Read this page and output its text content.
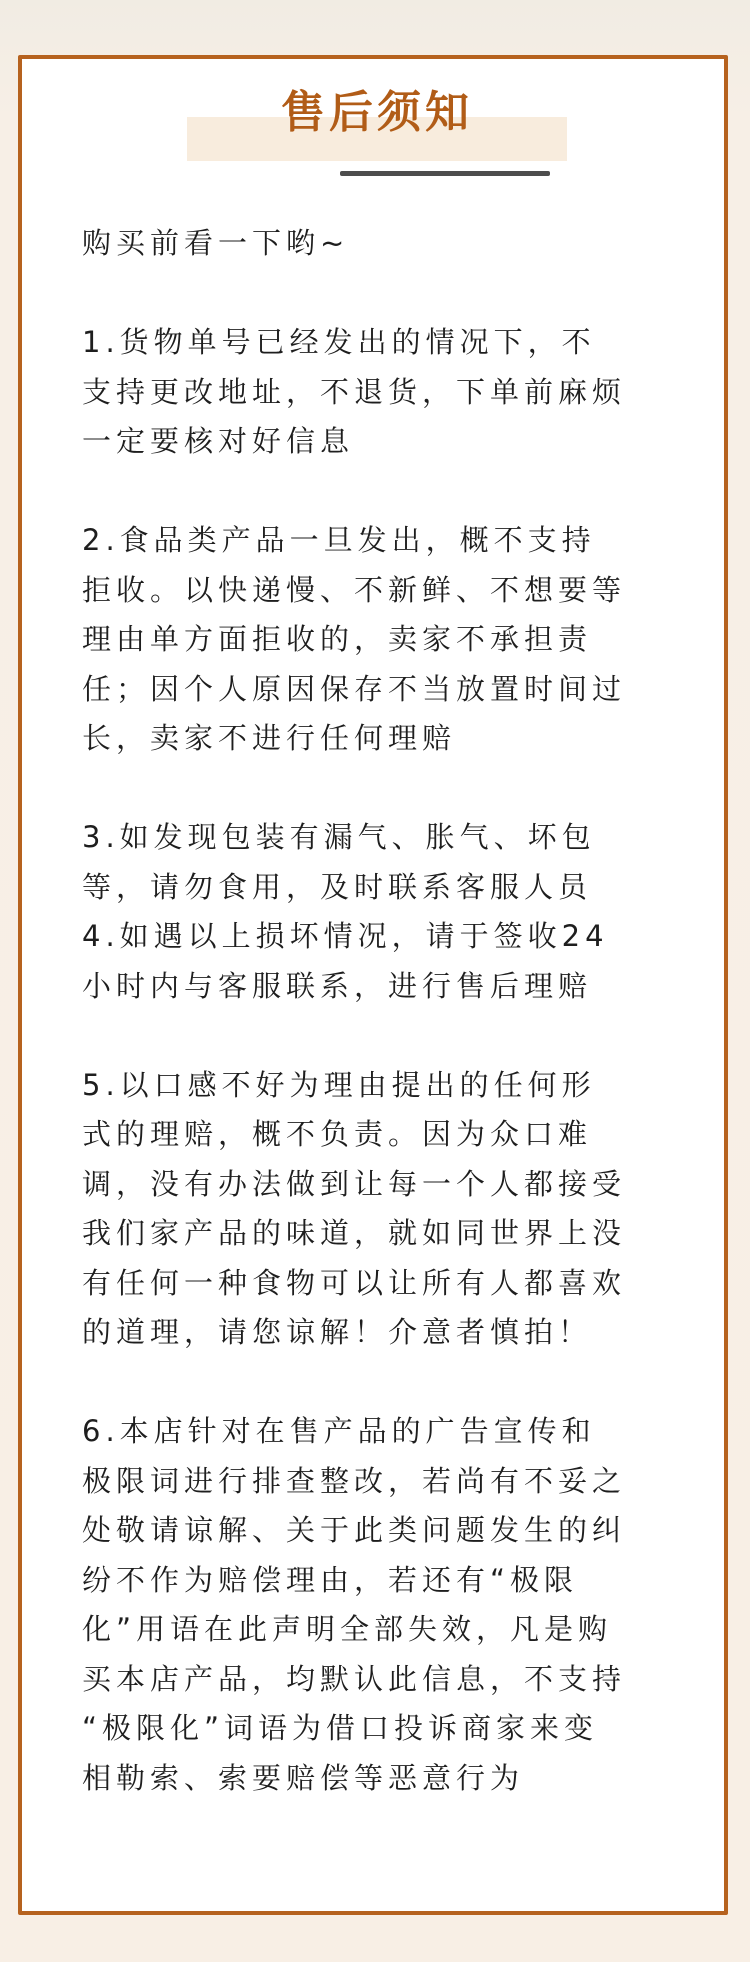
售后须知
购买前看一下哟~
1.货物单号已经发出的情况下，不
支持更改地址，不退货，下单前麻烦
一定要核对好信息
2.食品类产品一旦发出，概不支持
拒收。以快递慢、不新鲜、不想要等
理由单方面拒收的，卖家不承担责
任；因个人原因保存不当放置时间过
长，卖家不进行任何理赔
3.如发现包装有漏气、胀气、坏包
等，请勿食用，及时联系客服人员
4.如遇以上损坏情况，请于签收24
小时内与客服联系，进行售后理赔
5.以口感不好为理由提出的任何形
式的理赔，概不负责。因为众口难
调，没有办法做到让每一个人都接受
我们家产品的味道，就如同世界上没
有任何一种食物可以让所有人都喜欢
的道理，请您谅解！介意者慎拍！
6.本店针对在售产品的广告宣传和
极限词进行排查整改，若尚有不妥之
处敬请谅解、关于此类问题发生的纠
纷不作为赔偿理由，若还有“极限
化”用语在此声明全部失效，凡是购
买本店产品，均默认此信息，不支持
“极限化”词语为借口投诉商家来变
相勒索、索要赔偿等恶意行为
